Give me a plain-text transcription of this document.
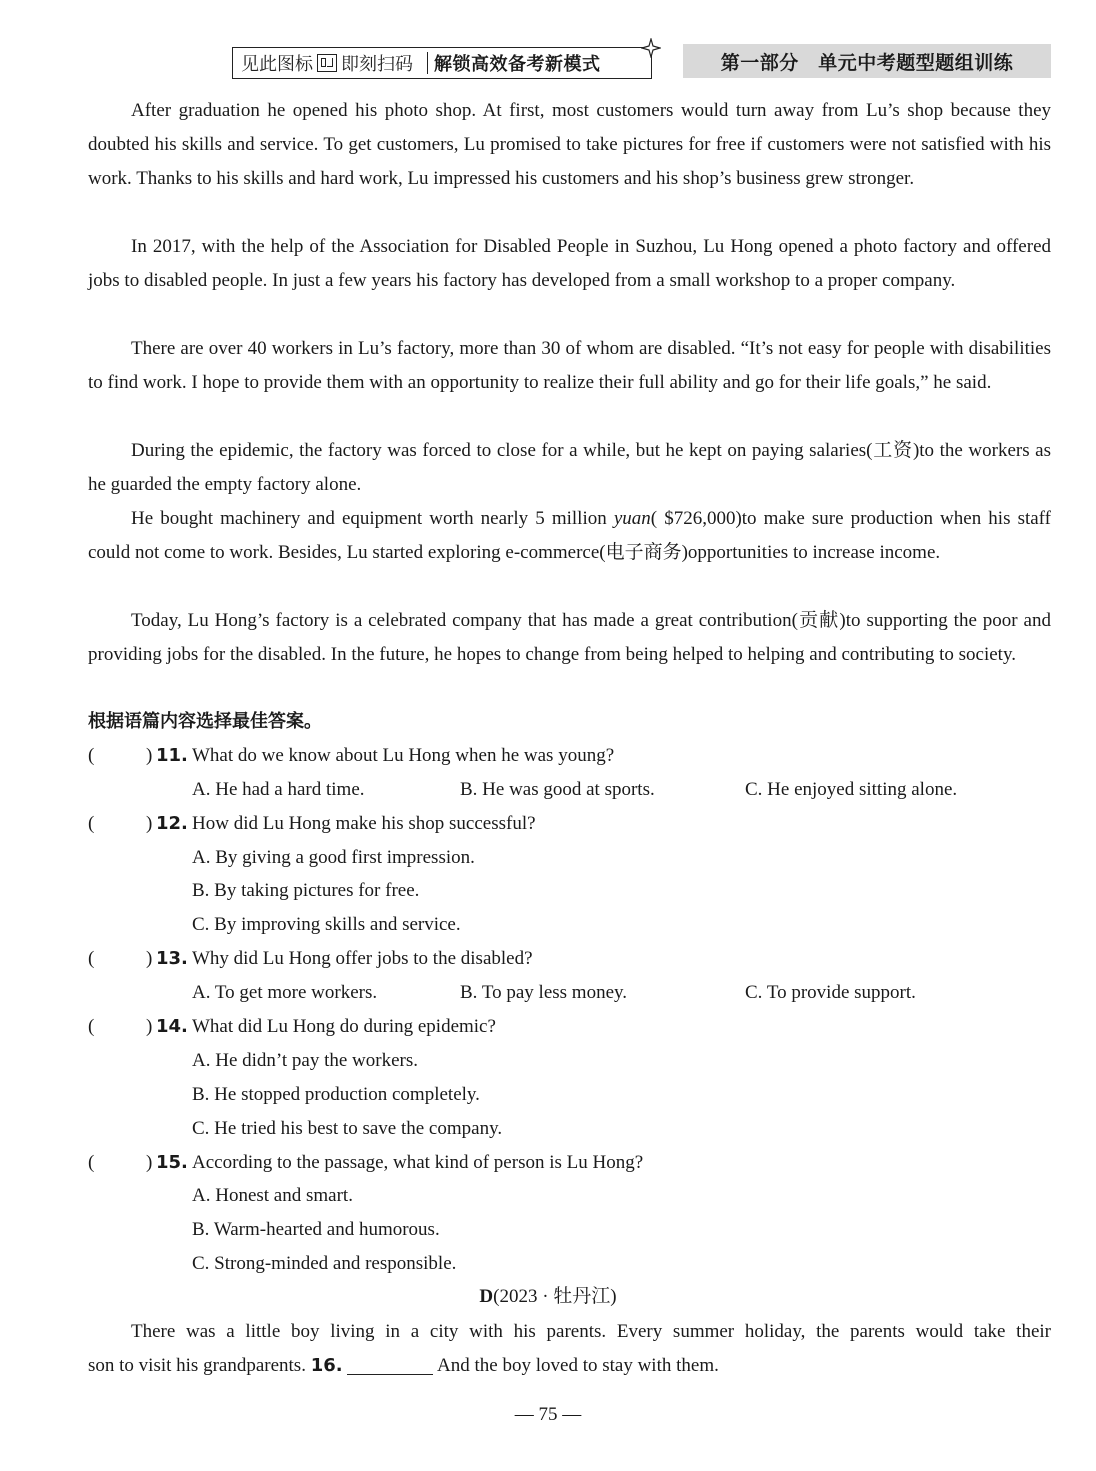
见此图标 即刻扫码 解锁高效备考新模式	第一部分　单元中考题型题组训练

After graduation he opened his photo shop. At first, most customers would turn away from Lu’s shop because they doubted his skills and service. To get customers, Lu promised to take pictures for free if customers were not satisfied with his work. Thanks to his skills and hard work, Lu impressed his customers and his shop’s business grew stronger.

In 2017, with the help of the Association for Disabled People in Suzhou, Lu Hong opened a photo factory and offered jobs to disabled people. In just a few years his factory has developed from a small workshop to a proper company.

There are over 40 workers in Lu’s factory, more than 30 of whom are disabled. “It’s not easy for people with disabilities to find work. I hope to provide them with an opportunity to realize their full ability and go for their life goals,” he said.

During the epidemic, the factory was forced to close for a while, but he kept on paying salaries(工资)to the workers as he guarded the empty factory alone.

He bought machinery and equipment worth nearly 5 million yuan( $726,000)to make sure production when his staff could not come to work. Besides, Lu started exploring e-commerce(电子商务)opportunities to increase income.

Today, Lu Hong’s factory is a celebrated company that has made a great contribution(贡献)to supporting the poor and providing jobs for the disabled. In the future, he hopes to change from being helped to helping and contributing to society.

根据语篇内容选择最佳答案。
(	) 11. What do we know about Lu Hong when he was young?
A. He had a hard time.	B. He was good at sports.	C. He enjoyed sitting alone.
(	) 12. How did Lu Hong make his shop successful?
A. By giving a good first impression.
B. By taking pictures for free.
C. By improving skills and service.
(	) 13. Why did Lu Hong offer jobs to the disabled?
A. To get more workers.	B. To pay less money.	C. To provide support.
(	) 14. What did Lu Hong do during epidemic?
A. He didn’t pay the workers.
B. He stopped production completely.
C. He tried his best to save the company.
(	) 15. According to the passage, what kind of person is Lu Hong?
A. Honest and smart.
B. Warm-hearted and humorous.
C. Strong-minded and responsible.
D(2023 · 牡丹江)

There was a little boy living in a city with his parents. Every summer holiday, the parents would take their

son to visit his grandparents. 16.	And the boy loved to stay with them.
— 75 —
